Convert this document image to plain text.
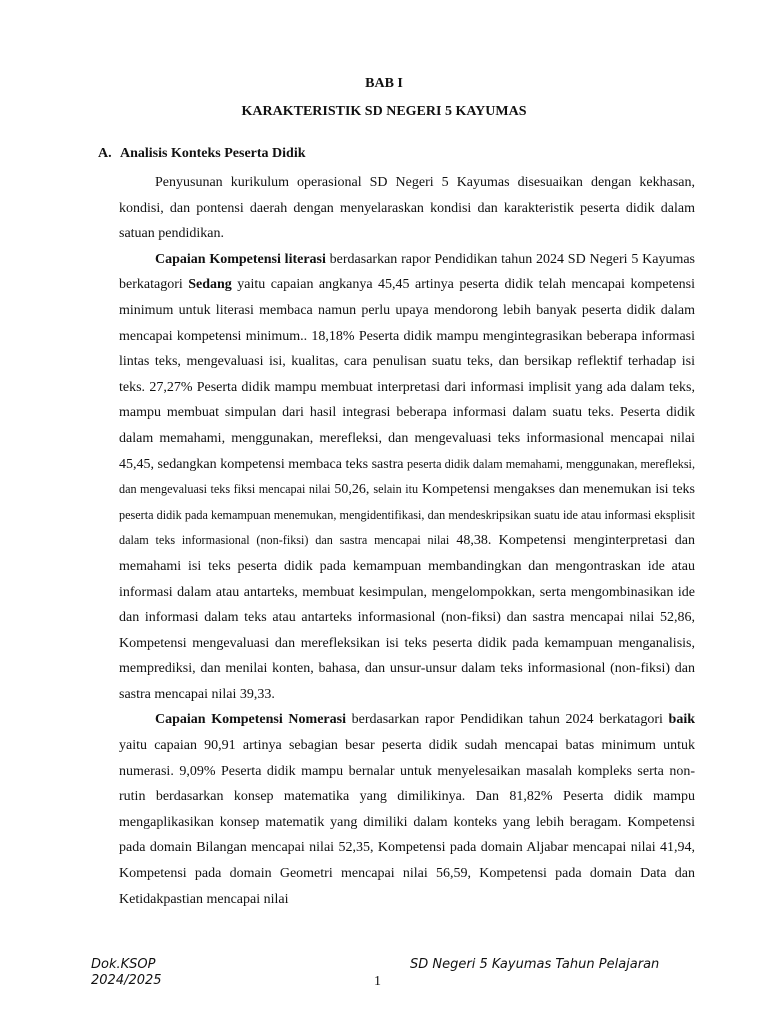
BAB I
KARAKTERISTIK SD NEGERI 5 KAYUMAS
A. Analisis Konteks Peserta Didik

Penyusunan kurikulum operasional SD Negeri 5 Kayumas disesuaikan dengan kekhasan, kondisi, dan pontensi daerah dengan menyelaraskan kondisi dan karakteristik peserta didik dalam satuan pendidikan.

Capaian Kompetensi literasi berdasarkan rapor Pendidikan tahun 2024 SD Negeri 5 Kayumas berkatagori Sedang yaitu capaian angkanya 45,45 artinya peserta didik telah mencapai kompetensi minimum untuk literasi membaca namun perlu upaya mendorong lebih banyak peserta didik dalam mencapai kompetensi minimum.. 18,18% Peserta didik mampu mengintegrasikan beberapa informasi lintas teks, mengevaluasi isi, kualitas, cara penulisan suatu teks, dan bersikap reflektif terhadap isi teks. 27,27% Peserta didik mampu membuat interpretasi dari informasi implisit yang ada dalam teks, mampu membuat simpulan dari hasil integrasi beberapa informasi dalam suatu teks. Peserta didik dalam memahami, menggunakan, merefleksi, dan mengevaluasi teks informasional mencapai nilai 45,45, sedangkan kompetensi membaca teks sastra peserta didik dalam memahami, menggunakan, merefleksi, dan mengevaluasi teks fiksi mencapai nilai 50,26, selain itu Kompetensi mengakses dan menemukan isi teks peserta didik pada kemampuan menemukan, mengidentifikasi, dan mendeskripsikan suatu ide atau informasi eksplisit dalam teks informasional (non-fiksi) dan sastra mencapai nilai 48,38. Kompetensi menginterpretasi dan memahami isi teks peserta didik pada kemampuan membandingkan dan mengontraskan ide atau informasi dalam atau antarteks, membuat kesimpulan, mengelompokkan, serta mengombinasikan ide dan informasi dalam teks atau antarteks informasional (non-fiksi) dan sastra mencapai nilai 52,86, Kompetensi mengevaluasi dan merefleksikan isi teks peserta didik pada kemampuan menganalisis, memprediksi, dan menilai konten, bahasa, dan unsur-unsur dalam teks informasional (non-fiksi) dan sastra mencapai nilai 39,33.

Capaian Kompetensi Nomerasi berdasarkan rapor Pendidikan tahun 2024 berkatagori baik yaitu capaian 90,91 artinya sebagian besar peserta didik sudah mencapai batas minimum untuk numerasi. 9,09% Peserta didik mampu bernalar untuk menyelesaikan masalah kompleks serta non-rutin berdasarkan konsep matematika yang dimilikinya. Dan 81,82% Peserta didik mampu mengaplikasikan konsep matematik yang dimiliki dalam konteks yang lebih beragam. Kompetensi pada domain Bilangan mencapai nilai 52,35, Kompetensi pada domain Aljabar mencapai nilai 41,94, Kompetensi pada domain Geometri mencapai nilai 56,59, Kompetensi pada domain Data dan Ketidakpastian mencapai nilai

Dok.KSOP 2024/2025
SD Negeri 5 Kayumas Tahun Pelajaran
1
